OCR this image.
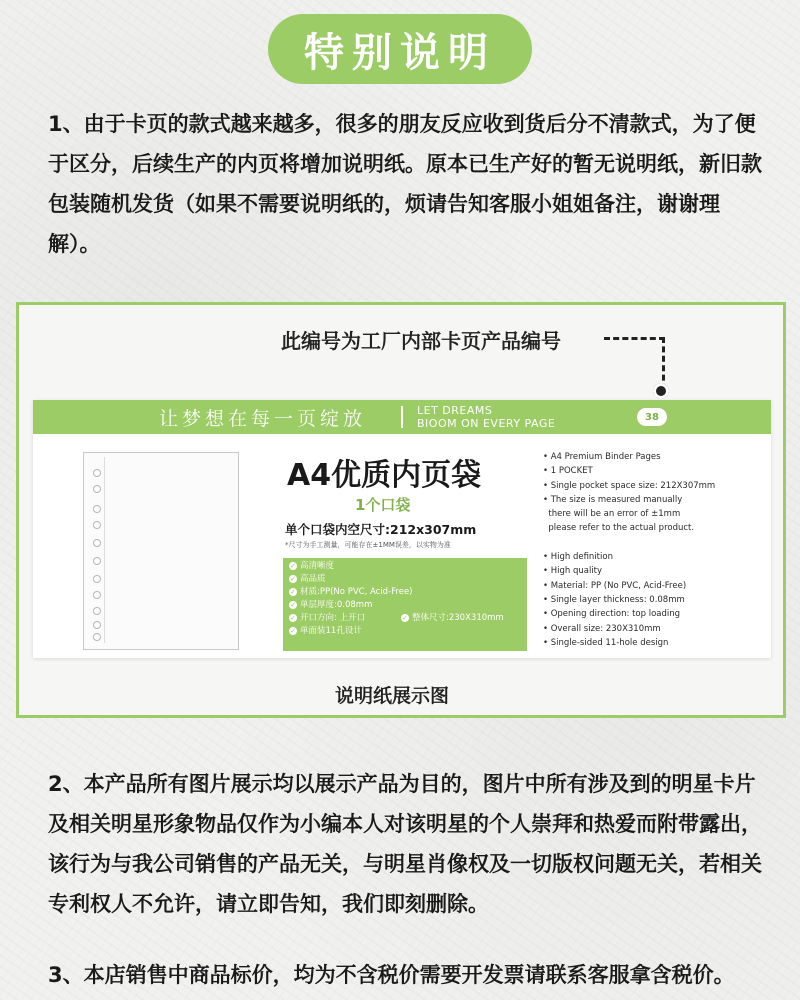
特别说明
1、由于卡页的款式越来越多，很多的朋友反应收到货后分不清款式，为了便于区分，后续生产的内页将增加说明纸。原本已生产好的暂无说明纸，新旧款包装随机发货（如果不需要说明纸的，烦请告知客服小姐姐备注，谢谢理解）。
此编号为工厂内部卡页产品编号
让梦想在每一页绽放	LET DREAMS
BIOOM ON EVERY PAGE	38
A4优质内页袋
1个口袋
单个口袋内空尺寸:212x307mm
*尺寸为手工测量，可能存在±1MM误差，以实物为准
✓ 高清晰度
✓ 高品质
✓ 材质:PP(No PVC, Acid-Free)
✓ 单层厚度:0.08mm
✓ 开口方向: 上开口	✓ 整体尺寸:230X310mm
✓ 单面装11孔设计
• A4 Premium Binder Pages
• 1 POCKET
• Single pocket space size: 212X307mm
• The size is measured manually
there will be an error of ±1mm
please refer to the actual product.
• High definition
• High quality
• Material: PP (No PVC, Acid-Free)
• Single layer thickness: 0.08mm
• Opening direction: top loading
• Overall size: 230X310mm
• Single-sided 11-hole design
说明纸展示图
2、本产品所有图片展示均以展示产品为目的，图片中所有涉及到的明星卡片及相关明星形象物品仅作为小编本人对该明星的个人崇拜和热爱而附带露出，该行为与我公司销售的产品无关，与明星肖像权及一切版权问题无关，若相关专利权人不允许，请立即告知，我们即刻删除。
3、本店销售中商品标价，均为不含税价需要开发票请联系客服拿含税价。
